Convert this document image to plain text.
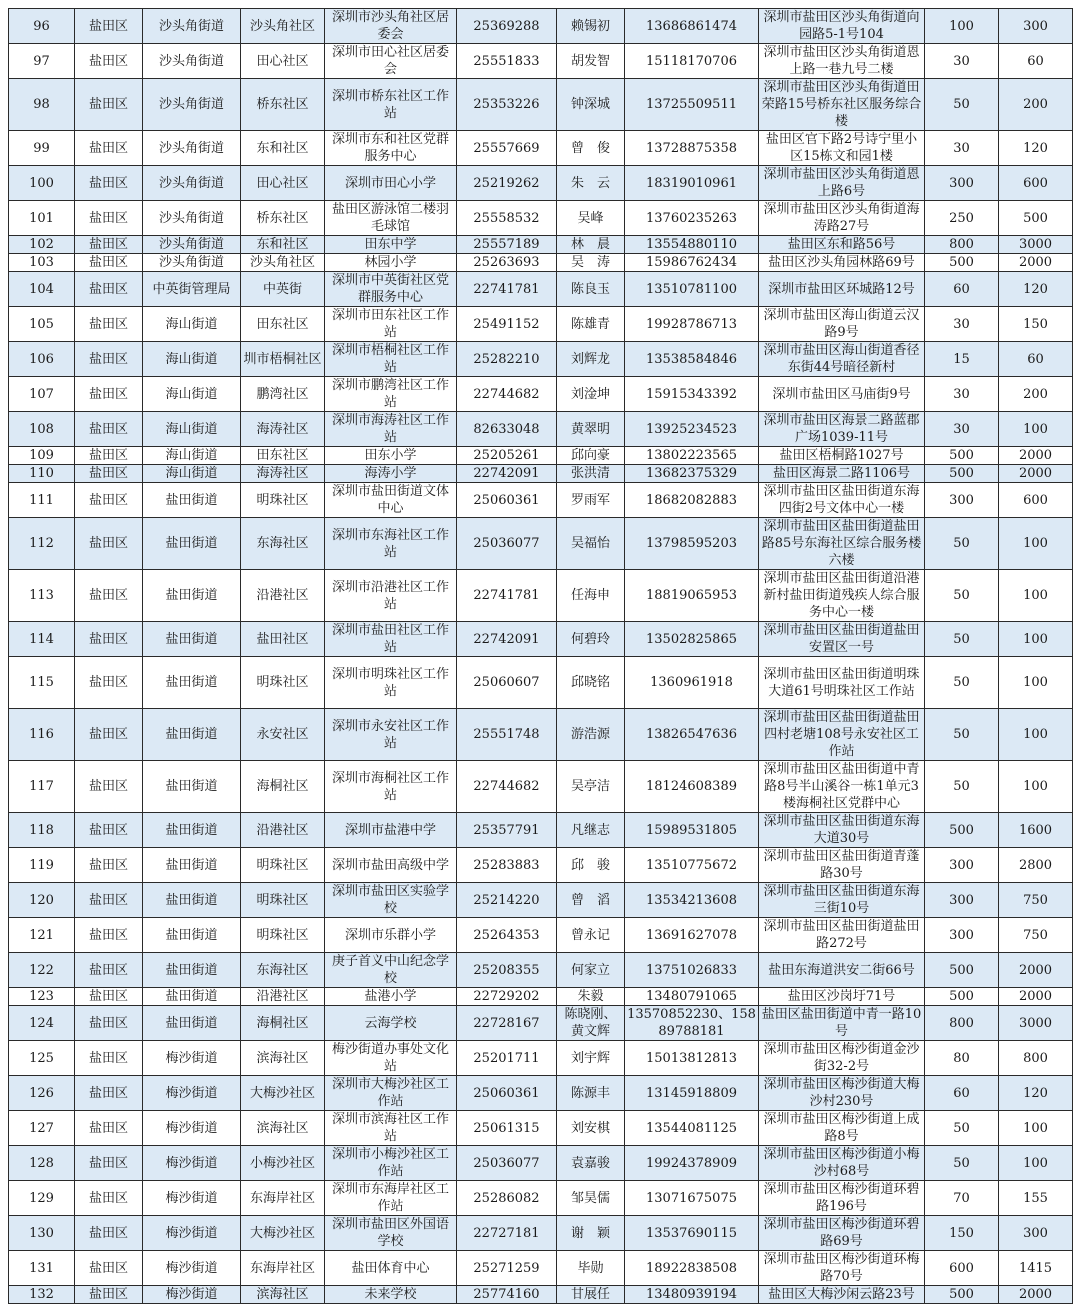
96	盐田区	沙头角街道	沙头角社区	深圳市沙头角社区居委会	25369288	赖锡初	13686861474	深圳市盐田区沙头角街道向园路5-1号104	100	300
97	盐田区	沙头角街道	田心社区	深圳市田心社区居委会	25551833	胡发智	15118170706	深圳市盐田区沙头角街道恩上路一巷九号二楼	30	60
98	盐田区	沙头角街道	桥东社区	深圳市桥东社区工作站	25353226	钟深城	13725509511	深圳市盐田区沙头角街道田荣路15号桥东社区服务综合楼	50	200
99	盐田区	沙头角街道	东和社区	深圳市东和社区党群服务中心	25557669	曾　俊	13728875358	盐田区官下路2号诗宁里小区15栋文和园1楼	30	120
100	盐田区	沙头角街道	田心社区	深圳市田心小学	25219262	朱　云	18319010961	深圳市盐田区沙头角街道恩上路6号	300	600
101	盐田区	沙头角街道	桥东社区	盐田区游泳馆二楼羽毛球馆	25558532	吴峰	13760235263	深圳市盐田区沙头角街道海涛路27号	250	500
102	盐田区	沙头角街道	东和社区	田东中学	25557189	林　晨	13554880110	盐田区东和路56号	800	3000
103	盐田区	沙头角街道	沙头角社区	林园小学	25263693	吴　涛	15986762434	盐田区沙头角园林路69号	500	2000
104	盐田区	中英街管理局	中英街	深圳市中英街社区党群服务中心	22741781	陈良玉	13510781100	深圳市盐田区环城路12号	60	120
105	盐田区	海山街道	田东社区	深圳市田东社区工作站	25491152	陈雄青	19928786713	深圳市盐田区海山街道云汉路9号	30	150
106	盐田区	海山街道	圳市梧桐社区	深圳市梧桐社区工作站	25282210	刘辉龙	13538584846	深圳市盐田区海山街道香径东街44号暗径新村	15	60
107	盐田区	海山街道	鹏湾社区	深圳市鹏湾社区工作站	22744682	刘淦坤	15915343392	深圳市盐田区马庙街9号	30	200
108	盐田区	海山街道	海涛社区	深圳市海涛社区工作站	82633048	黄翠明	13925234523	深圳市盐田区海景二路蓝郡广场1039-11号	30	100
109	盐田区	海山街道	田东社区	田东小学	25205261	邱向豪	13802223565	盐田区梧桐路1027号	500	2000
110	盐田区	海山街道	海涛社区	海涛小学	22742091	张洪清	13682375329	盐田区海景二路1106号	500	2000
111	盐田区	盐田街道	明珠社区	深圳市盐田街道文体中心	25060361	罗雨军	18682082883	深圳市盐田区盐田街道东海四街2号文体中心一楼	300	600
112	盐田区	盐田街道	东海社区	深圳市东海社区工作站	25036077	吴福怡	13798595203	深圳市盐田区盐田街道盐田路85号东海社区综合服务楼六楼	50	100
113	盐田区	盐田街道	沿港社区	深圳市沿港社区工作站	22741781	任海申	18819065953	深圳市盐田区盐田街道沿港新村盐田街道残疾人综合服务中心一楼	50	100
114	盐田区	盐田街道	盐田社区	深圳市盐田社区工作站	22742091	何碧玲	13502825865	深圳市盐田区盐田街道盐田安置区一号	50	100
115	盐田区	盐田街道	明珠社区	深圳市明珠社区工作站	25060607	邱晓铭	1360961918	深圳市盐田区盐田街道明珠大道61号明珠社区工作站	50	100
116	盐田区	盐田街道	永安社区	深圳市永安社区工作站	25551748	游浩源	13826547636	深圳市盐田区盐田街道盐田四村老塘108号永安社区工作站	50	100
117	盐田区	盐田街道	海桐社区	深圳市海桐社区工作站	22744682	吴亭洁	18124608389	深圳市盐田区盐田街道中青路8号半山溪谷一栋1单元3楼海桐社区党群中心	50	100
118	盐田区	盐田街道	沿港社区	深圳市盐港中学	25357791	凡继志	15989531805	深圳市盐田区盐田街道东海大道30号	500	1600
119	盐田区	盐田街道	明珠社区	深圳市盐田高级中学	25283883	邱　骏	13510775672	深圳市盐田区盐田街道青蓬路30号	300	2800
120	盐田区	盐田街道	明珠社区	深圳市盐田区实验学校	25214220	曾　滔	13534213608	深圳市盐田区盐田街道东海三街10号	300	750
121	盐田区	盐田街道	明珠社区	深圳市乐群小学	25264353	曾永记	13691627078	深圳市盐田区盐田街道盐田路272号	300	750
122	盐田区	盐田街道	东海社区	庚子首义中山纪念学校	25208355	何家立	13751026833	盐田东海道洪安二街66号	500	2000
123	盐田区	盐田街道	沿港社区	盐港小学	22729202	朱毅	13480791065	盐田区沙岗圩71号	500	2000
124	盐田区	盐田街道	海桐社区	云海学校	22728167	陈晓刚、黄文辉	13570852230、15889788181	盐田区盐田街道中青一路10号	800	3000
125	盐田区	梅沙街道	滨海社区	梅沙街道办事处文化站	25201711	刘宇辉	15013812813	深圳市盐田区梅沙街道金沙街32-2号	80	800
126	盐田区	梅沙街道	大梅沙社区	深圳市大梅沙社区工作站	25060361	陈源丰	13145918809	深圳市盐田区梅沙街道大梅沙村230号	60	120
127	盐田区	梅沙街道	滨海社区	深圳市滨海社区工作站	25061315	刘安棋	13544081125	深圳市盐田区梅沙街道上成路8号	50	100
128	盐田区	梅沙街道	小梅沙社区	深圳市小梅沙社区工作站	25036077	袁嘉骏	19924378909	深圳市盐田区梅沙街道小梅沙村68号	50	100
129	盐田区	梅沙街道	东海岸社区	深圳市东海岸社区工作站	25286082	邹昊儒	13071675075	深圳市盐田区梅沙街道环碧路196号	70	155
130	盐田区	梅沙街道	大梅沙社区	深圳市盐田区外国语学校	22727181	谢　颖	13537690115	深圳市盐田区梅沙街道环碧路69号	150	300
131	盐田区	梅沙街道	东海岸社区	盐田体育中心	25271259	毕勋	18922838508	深圳市盐田区梅沙街道环梅路70号	600	1415
132	盐田区	梅沙街道	滨海社区	未来学校	25774160	甘展任	13480939194	盐田区大梅沙闲云路23号	500	2000
